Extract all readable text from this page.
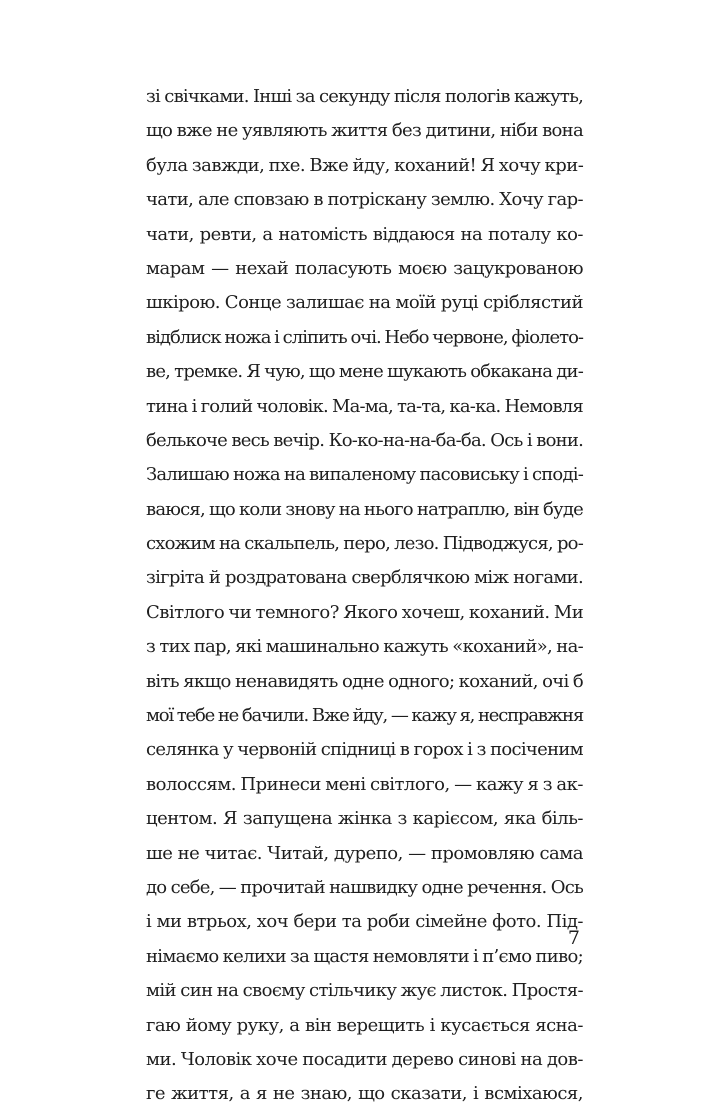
зі свічками. Інші за секунду після пологів кажуть,
що вже не уявляють життя без дитини, ніби вона
була завжди, пхе. Вже йду, коханий! Я хочу кри-
чати, але сповзаю в потріскану землю. Хочу гар-
чати, ревти, а натомість віддаюся на поталу ко-
марам — нехай поласують моєю зацукрованою
шкірою. Сонце залишає на моїй руці сріблястий
відблиск ножа і сліпить очі. Небо червоне, фіолето-
ве, тремке. Я чую, що мене шукають обкакана ди-
тина і голий чоловік. Ма-ма, та-та, ка-ка. Немовля
белькоче весь вечір. Ко-ко-на-на-ба-ба. Ось і вони.
Залишаю ножа на випаленому пасовиську і споді-
ваюся, що коли знову на нього натраплю, він буде
схожим на скальпель, перо, лезо. Підводжуся, ро-
зігріта й роздратована сверблячкою між ногами.
Світлого чи темного? Якого хочеш, коханий. Ми
з тих пар, які машинально кажуть «коханий», на-
віть якщо ненавидять одне одного; коханий, очі б
мої тебе не бачили. Вже йду, — кажу я, несправжня
селянка у червоній спідниці в горох і з посіченим
волоссям. Принеси мені світлого, — кажу я з ак-
центом. Я запущена жінка з карієсом, яка біль-
ше не читає. Читай, дурепо, — промовляю сама
до себе, — прочитай нашвидку одне речення. Ось
і ми втрьох, хоч бери та роби сімейне фото. Під-
німаємо келихи за щастя немовляти і п’ємо пиво;
мій син на своєму стільчику жує листок. Простя-
гаю йому руку, а він верещить і кусається ясна-
ми. Чоловік хоче посадити дерево синові на дов-
ге життя, а я не знаю, що сказати, і всміхаюся,
7
